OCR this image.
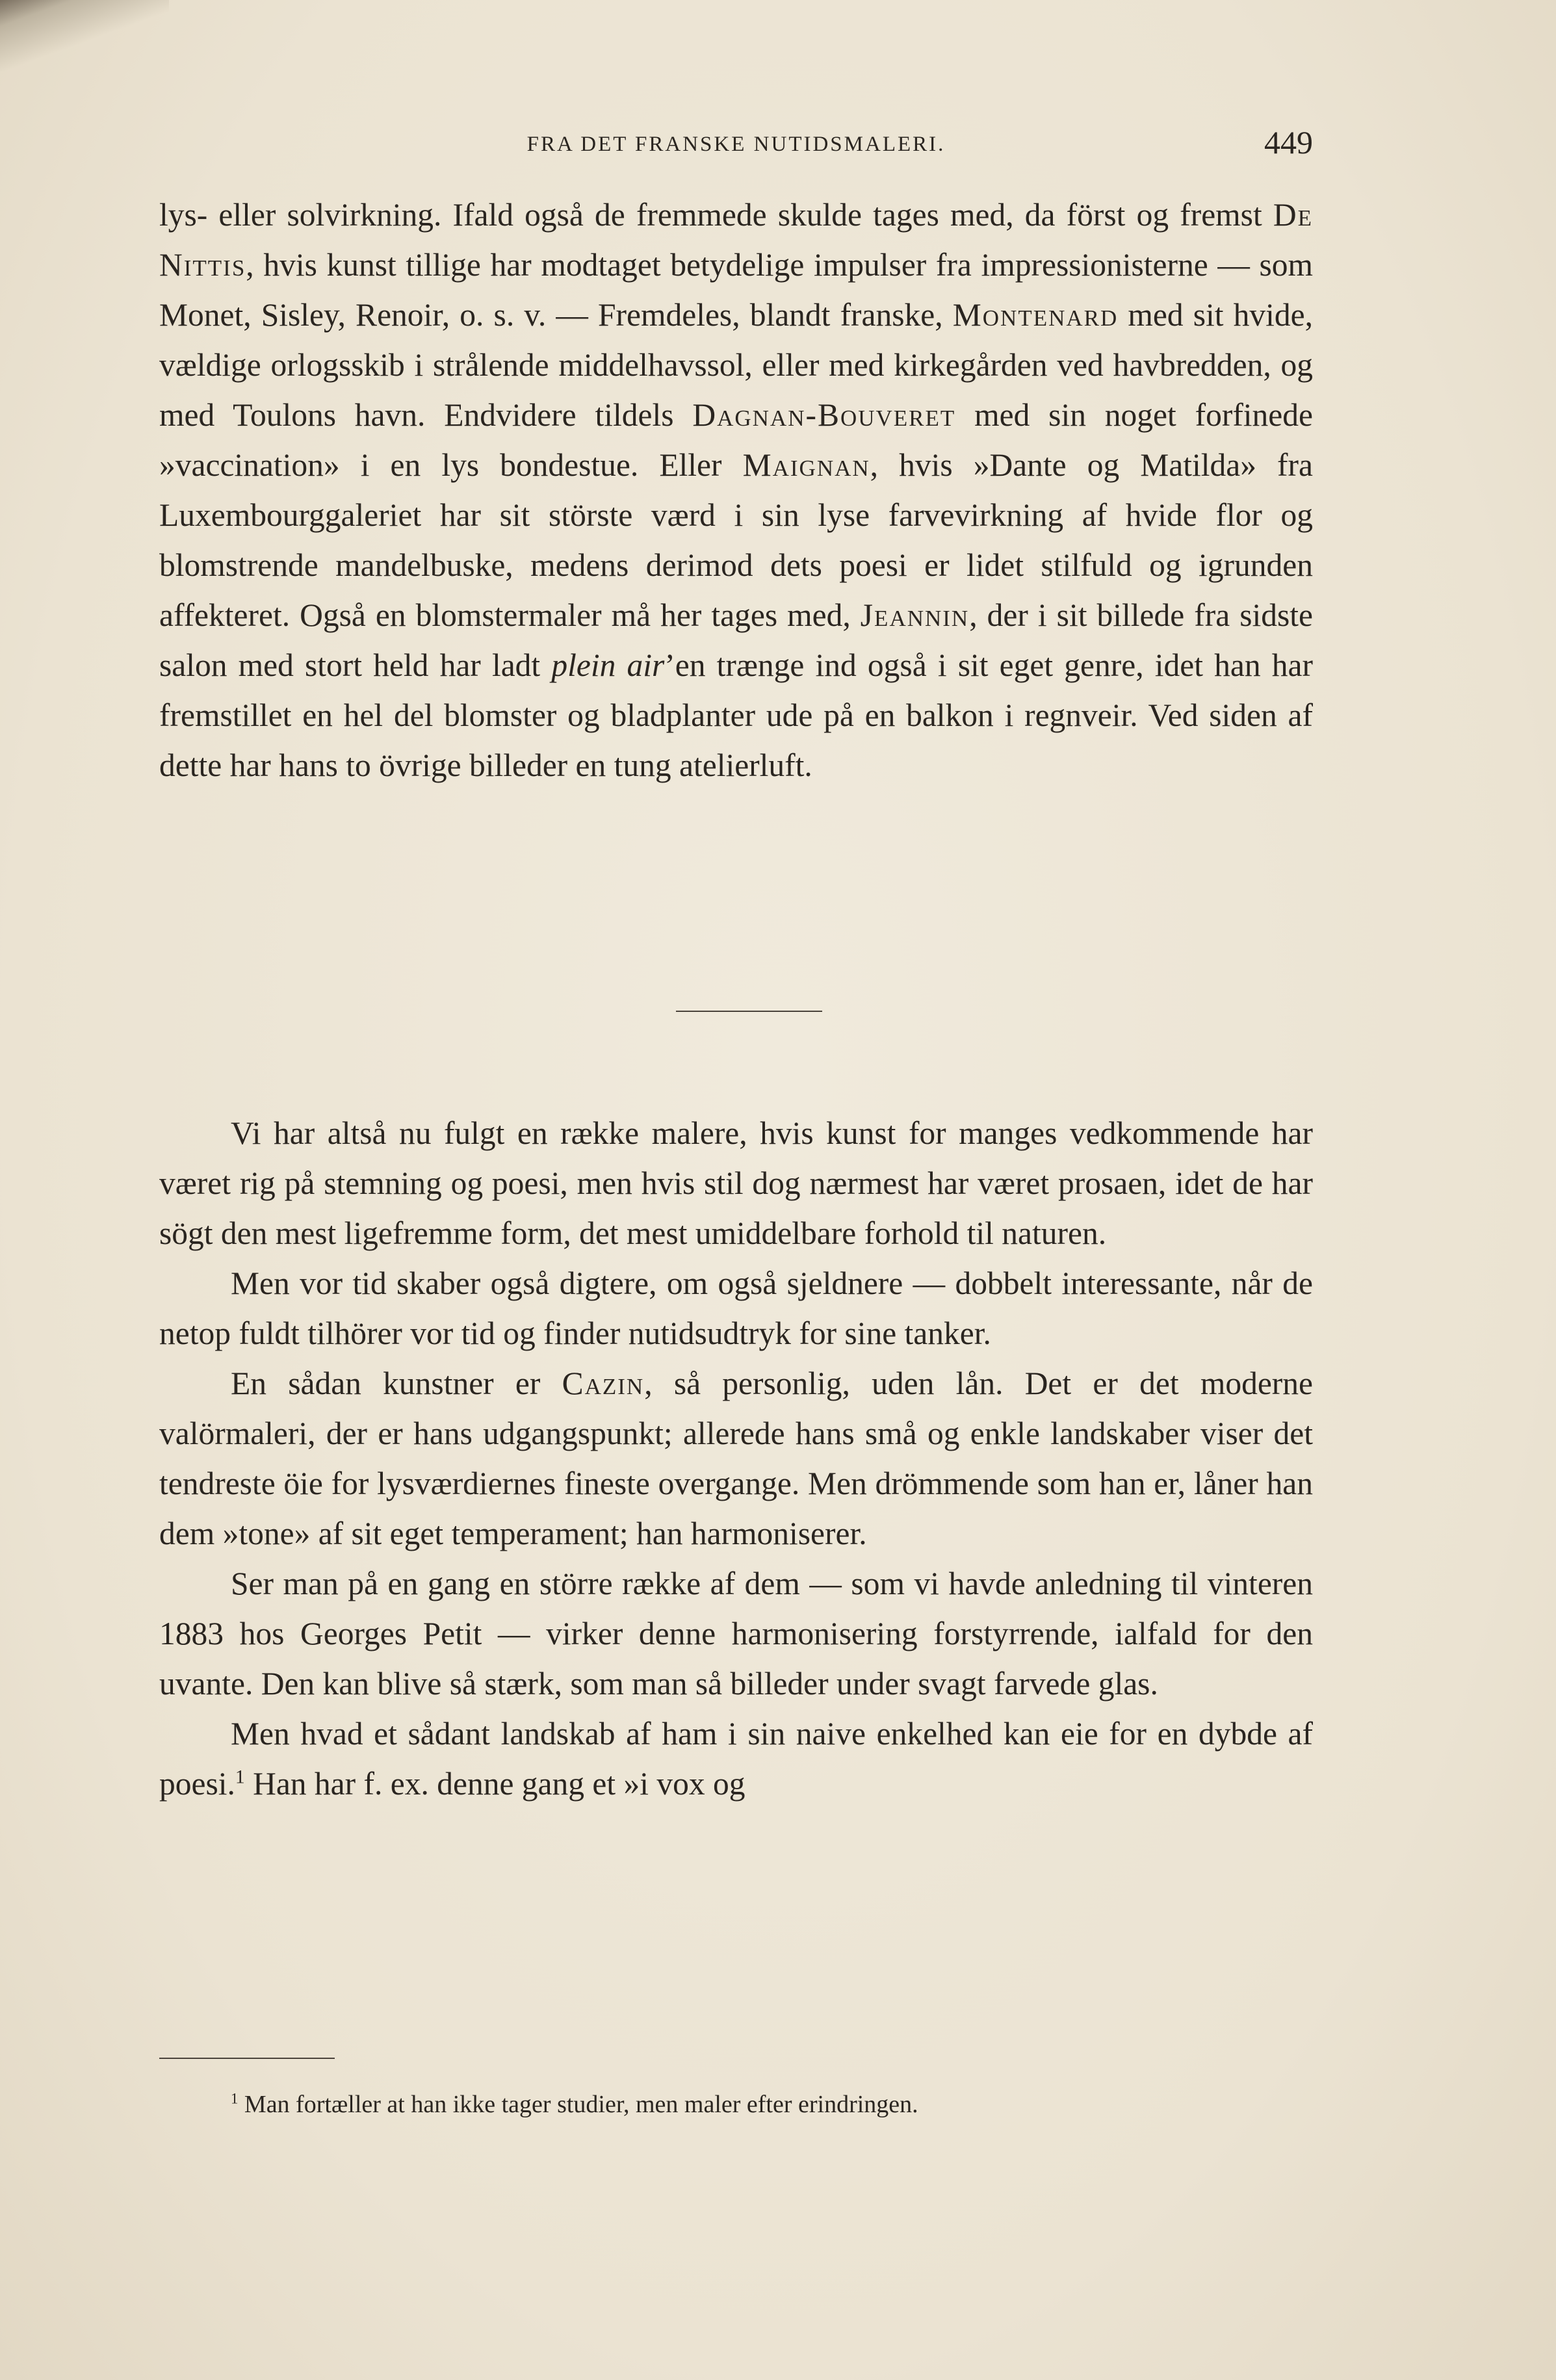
FRA DET FRANSKE NUTIDSMALERI.	449

lys- eller solvirkning. Ifald også de fremmede skulde tages med, da först og fremst De Nittis, hvis kunst tillige har modtaget betydelige impulser fra impressionisterne — som Monet, Sisley, Renoir, o. s. v. — Fremdeles, blandt franske, Montenard med sit hvide, vældige orlogsskib i strålende middelhavssol, eller med kirkegården ved havbredden, og med Toulons havn. Endvidere tildels Dagnan-Bouveret med sin noget forfinede »vaccination» i en lys bondestue. Eller Maignan, hvis »Dante og Matilda» fra Luxembourggaleriet har sit störste værd i sin lyse farvevirkning af hvide flor og blomstrende mandelbuske, medens derimod dets poesi er lidet stilfuld og igrunden affekteret. Også en blomstermaler må her tages med, Jeannin, der i sit billede fra sidste salon med stort held har ladt plein air’en trænge ind også i sit eget genre, idet han har fremstillet en hel del blomster og bladplanter ude på en balkon i regnveir. Ved siden af dette har hans to övrige billeder en tung atelierluft.

Vi har altså nu fulgt en række malere, hvis kunst for manges vedkommende har været rig på stemning og poesi, men hvis stil dog nærmest har været prosaen, idet de har sögt den mest ligefremme form, det mest umiddelbare forhold til naturen.

Men vor tid skaber også digtere, om også sjeldnere — dobbelt interessante, når de netop fuldt tilhörer vor tid og finder nutidsudtryk for sine tanker.

En sådan kunstner er Cazin, så personlig, uden lån. Det er det moderne valörmaleri, der er hans udgangspunkt; allerede hans små og enkle landskaber viser det tendreste öie for lysværdiernes fineste overgange. Men drömmende som han er, låner han dem »tone» af sit eget temperament; han harmoniserer.

Ser man på en gang en större række af dem — som vi havde anledning til vinteren 1883 hos Georges Petit — virker denne harmonisering forstyrrende, ialfald for den uvante. Den kan blive så stærk, som man så billeder under svagt farvede glas.

Men hvad et sådant landskab af ham i sin naive enkelhed kan eie for en dybde af poesi.$^1$ Han har f. ex. denne gang et »i vox og

$^1$ Man fortæller at han ikke tager studier, men maler efter erindringen.
